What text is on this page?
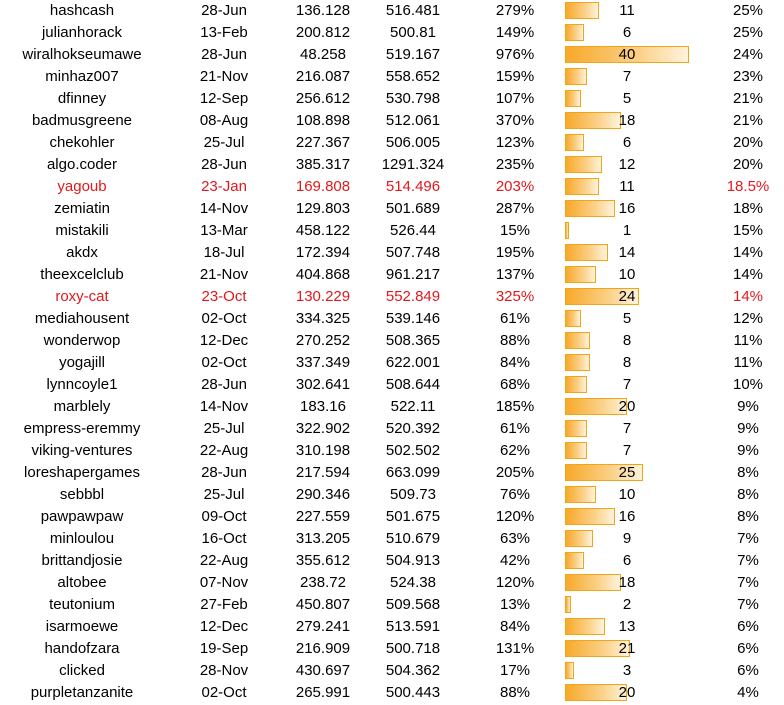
hashcash	28-Jun	136.128	516.481	279%	11	25%
julianhorack	13-Feb	200.812	500.81	149%	6	25%
wiralhokseumawe	28-Jun	48.258	519.167	976%	40	24%
minhaz007	21-Nov	216.087	558.652	159%	7	23%
dfinney	12-Sep	256.612	530.798	107%	5	21%
badmusgreene	08-Aug	108.898	512.061	370%	18	21%
chekohler	25-Jul	227.367	506.005	123%	6	20%
algo.coder	28-Jun	385.317	1291.324	235%	12	20%
yagoub	23-Jan	169.808	514.496	203%	11	18.5%
zemiatin	14-Nov	129.803	501.689	287%	16	18%
mistakili	13-Mar	458.122	526.44	15%	1	15%
akdx	18-Jul	172.394	507.748	195%	14	14%
theexcelclub	21-Nov	404.868	961.217	137%	10	14%
roxy-cat	23-Oct	130.229	552.849	325%	24	14%
mediahousent	02-Oct	334.325	539.146	61%	5	12%
wonderwop	12-Dec	270.252	508.365	88%	8	11%
yogajill	02-Oct	337.349	622.001	84%	8	11%
lynncoyle1	28-Jun	302.641	508.644	68%	7	10%
marblely	14-Nov	183.16	522.11	185%	20	9%
empress-eremmy	25-Jul	322.902	520.392	61%	7	9%
viking-ventures	22-Aug	310.198	502.502	62%	7	9%
loreshapergames	28-Jun	217.594	663.099	205%	25	8%
sebbbl	25-Jul	290.346	509.73	76%	10	8%
pawpawpaw	09-Oct	227.559	501.675	120%	16	8%
minloulou	16-Oct	313.205	510.679	63%	9	7%
brittandjosie	22-Aug	355.612	504.913	42%	6	7%
altobee	07-Nov	238.72	524.38	120%	18	7%
teutonium	27-Feb	450.807	509.568	13%	2	7%
isarmoewe	12-Dec	279.241	513.591	84%	13	6%
handofzara	19-Sep	216.909	500.718	131%	21	6%
clicked	28-Nov	430.697	504.362	17%	3	6%
purpletanzanite	02-Oct	265.991	500.443	88%	20	4%
